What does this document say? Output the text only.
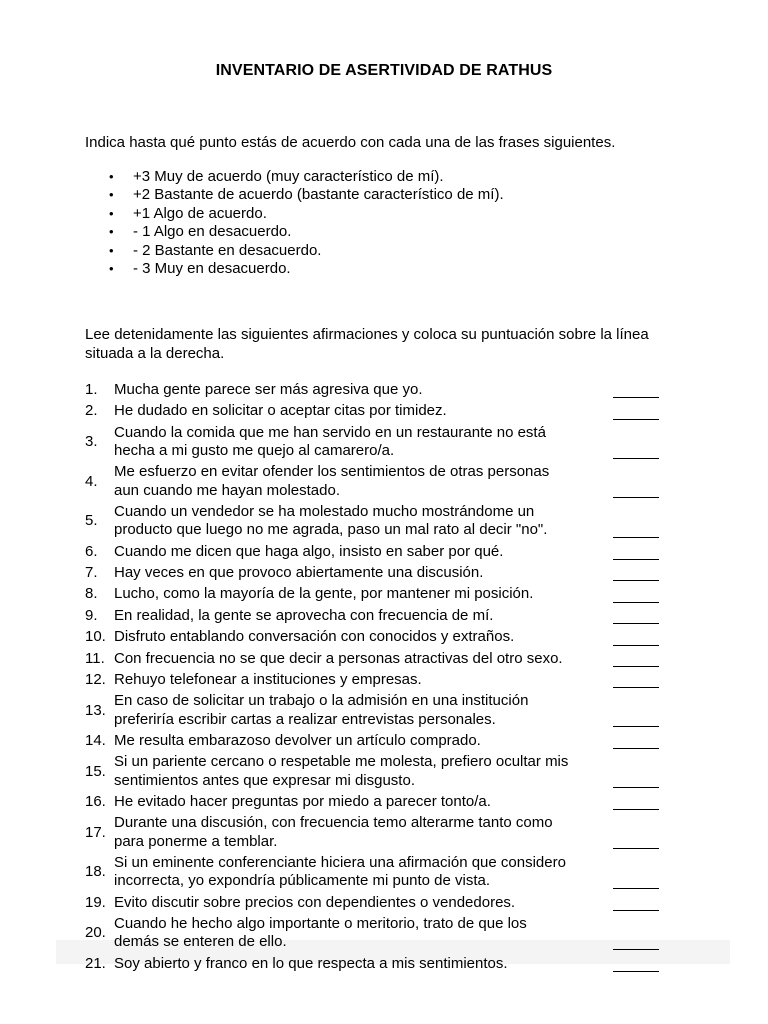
INVENTARIO DE ASERTIVIDAD DE RATHUS
Indica hasta qué punto estás de acuerdo con cada una de las frases siguientes.
• +3 Muy de acuerdo (muy característico de mí).
• +2 Bastante de acuerdo (bastante característico de mí).
• +1 Algo de acuerdo.
• - 1 Algo en desacuerdo.
• - 2 Bastante en desacuerdo.
• - 3 Muy en desacuerdo.
Lee detenidamente las siguientes afirmaciones y coloca su puntuación sobre la línea situada a la derecha.
1.	Mucha gente parece ser más agresiva que yo.
2.	He dudado en solicitar o aceptar citas por timidez.
3.
Cuando la comida que me han servido en un restaurante no está
hecha a mi gusto me quejo al camarero/a.
4.
Me esfuerzo en evitar ofender los sentimientos de otras personas
aun cuando me hayan molestado.
5.
Cuando un vendedor se ha molestado mucho mostrándome un
producto que luego no me agrada, paso un mal rato al decir "no".
6.	Cuando me dicen que haga algo, insisto en saber por qué.
7.	Hay veces en que provoco abiertamente una discusión.
8.	Lucho, como la mayoría de la gente, por mantener mi posición.
9.	En realidad, la gente se aprovecha con frecuencia de mí.
10. Disfruto entablando conversación con conocidos y extraños.
11. Con frecuencia no se que decir a personas atractivas del otro sexo.
12. Rehuyo telefonear a instituciones y empresas.
13.
En caso de solicitar un trabajo o la admisión en una institución
preferiría escribir cartas a realizar entrevistas personales.
14. Me resulta embarazoso devolver un artículo comprado.
15.
Si un pariente cercano o respetable me molesta, prefiero ocultar mis
sentimientos antes que expresar mi disgusto.
16. He evitado hacer preguntas por miedo a parecer tonto/a.
17.
Durante una discusión, con frecuencia temo alterarme tanto como
para ponerme a temblar.
18.
Si un eminente conferenciante hiciera una afirmación que considero
incorrecta, yo expondría públicamente mi punto de vista.
19. Evito discutir sobre precios con dependientes o vendedores.
20.
Cuando he hecho algo importante o meritorio, trato de que los
demás se enteren de ello.
21. Soy abierto y franco en lo que respecta a mis sentimientos.
